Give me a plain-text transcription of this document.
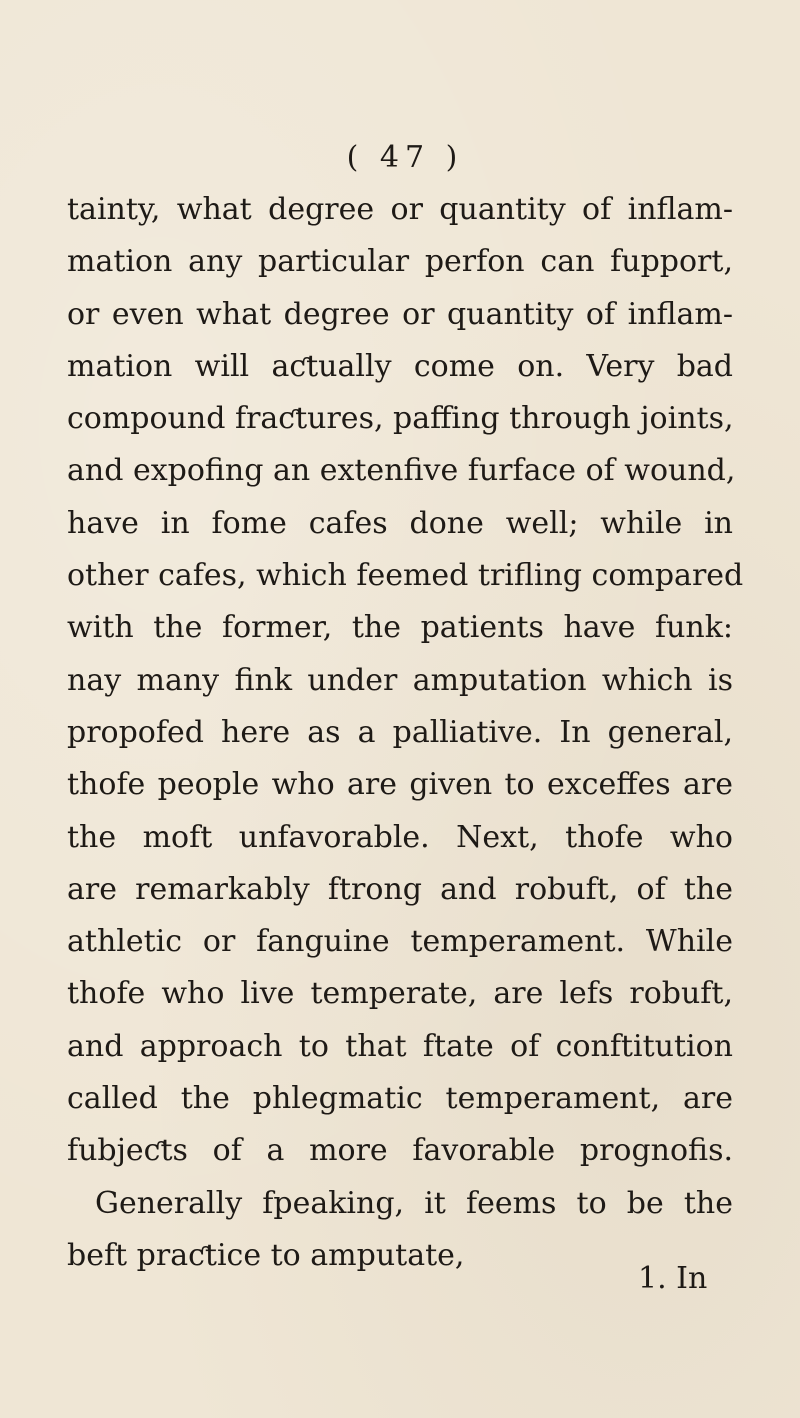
( 47 )
tainty, what degree or quantity of inflam-
mation any particular perfon can fupport,
or even what degree or quantity of inflam-
mation will aƈtually come on. Very bad
compound fraƈtures, paffing through joints,
and expofing an extenfive furface of wound,
have in fome cafes done well; while in
other cafes, which feemed trifling compared
with the former, the patients have funk:
nay many fink under amputation which is
propofed here as a palliative. In general,
thofe people who are given to exceffes are
the moft unfavorable. Next, thofe who
are remarkably ftrong and robuft, of the
athletic or fanguine temperament. While
thofe who live temperate, are lefs robuft,
and approach to that ftate of conftitution
called the phlegmatic temperament, are
fubjeƈts of a more favorable prognofis.
Generally fpeaking, it feems to be the
beft praƈtice to amputate,
1. In
